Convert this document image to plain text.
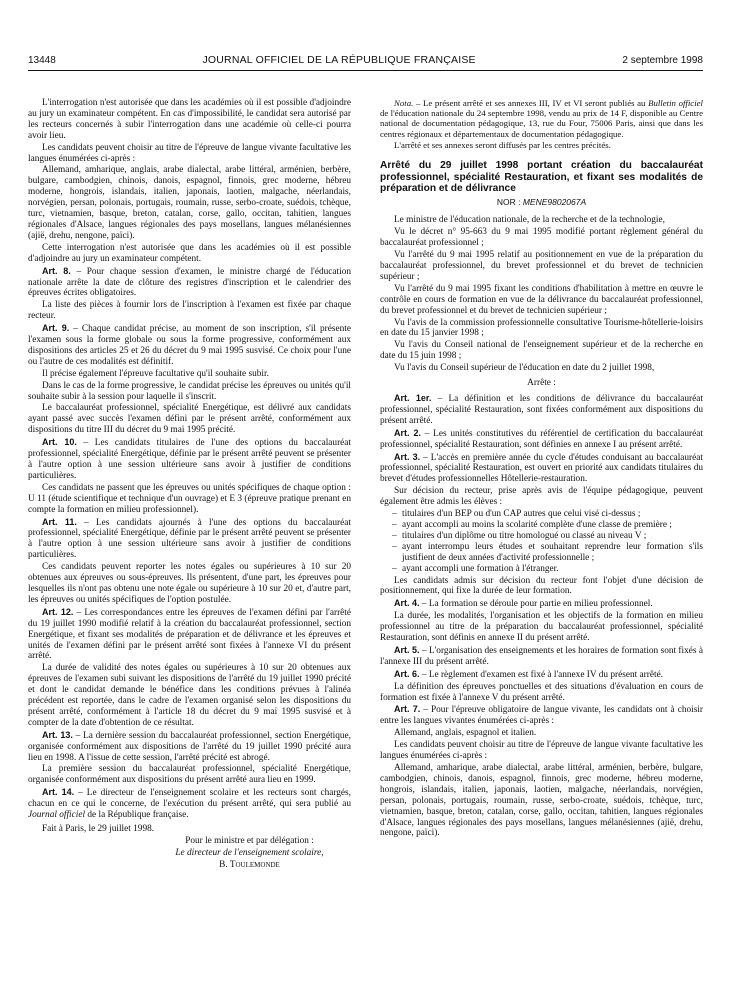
13448	JOURNAL OFFICIEL DE LA RÉPUBLIQUE FRANÇAISE	2 septembre 1998

L'interrogation n'est autorisée que dans les académies où il est possible d'adjoindre au jury un examinateur compétent. En cas d'impossibilité, le candidat sera autorisé par les recteurs concernés à subir l'interrogation dans une académie où celle-ci pourra avoir lieu.

Les candidats peuvent choisir au titre de l'épreuve de langue vivante facultative les langues énumérées ci-après :

Allemand, amharique, anglais, arabe dialectal, arabe littéral, arménien, berbère, bulgare, cambodgien, chinois, danois, espagnol, finnois, grec moderne, hébreu moderne, hongrois, islandais, italien, japonais, laotien, malgache, néerlandais, norvégien, persan, polonais, portugais, roumain, russe, serbo-croate, suédois, tchèque, turc, vietnamien, basque, breton, catalan, corse, gallo, occitan, tahitien, langues régionales d'Alsace, langues régionales des pays mosellans, langues mélanésiennes (ajië, drehu, nengone, païci).

Cette interrogation n'est autorisée que dans les académies où il est possible d'adjoindre au jury un examinateur compétent.

Art. 8. – Pour chaque session d'examen, le ministre chargé de l'éducation nationale arrête la date de clôture des registres d'inscription et le calendrier des épreuves écrites obligatoires.

La liste des pièces à fournir lors de l'inscription à l'examen est fixée par chaque recteur.

Art. 9. – Chaque candidat précise, au moment de son inscription, s'il présente l'examen sous la forme globale ou sous la forme progressive, conformément aux dispositions des articles 25 et 26 du décret du 9 mai 1995 susvisé. Ce choix pour l'une ou l'autre de ces modalités est définitif.

Il précise également l'épreuve facultative qu'il souhaite subir.

Dans le cas de la forme progressive, le candidat précise les épreuves ou unités qu'il souhaite subir à la session pour laquelle il s'inscrit.

Le baccalauréat professionnel, spécialité Energétique, est délivré aux candidats ayant passé avec succès l'examen défini par le présent arrêté, conformément aux dispositions du titre III du décret du 9 mai 1995 précité.

Art. 10. – Les candidats titulaires de l'une des options du baccalauréat professionnel, spécialité Energétique, définie par le présent arrêté peuvent se présenter à l'autre option à une session ultérieure sans avoir à justifier de conditions particulières.

Ces candidats ne passent que les épreuves ou unités spécifiques de chaque option : U 11 (étude scientifique et technique d'un ouvrage) et E 3 (épreuve pratique prenant en compte la formation en milieu professionnel).

Art. 11. – Les candidats ajournés à l'une des options du baccalauréat professionnel, spécialité Energétique, définie par le présent arrêté peuvent se présenter à l'autre option à une session ultérieure sans avoir à justifier de conditions particulières.

Ces candidats peuvent reporter les notes égales ou supérieures à 10 sur 20 obtenues aux épreuves ou sous-épreuves. Ils présentent, d'une part, les épreuves pour lesquelles ils n'ont pas obtenu une note égale ou supérieure à 10 sur 20 et, d'autre part, les épreuves ou unités spécifiques de l'option postulée.

Art. 12. – Les correspondances entre les épreuves de l'examen défini par l'arrêté du 19 juillet 1990 modifié relatif à la création du baccalauréat professionnel, section Energétique, et fixant ses modalités de préparation et de délivrance et les épreuves et unités de l'examen défini par le présent arrêté sont fixées à l'annexe VI du présent arrêté.

La durée de validité des notes égales ou supérieures à 10 sur 20 obtenues aux épreuves de l'examen subi suivant les dispositions de l'arrêté du 19 juillet 1990 précité et dont le candidat demande le bénéfice dans les conditions prévues à l'alinéa précédent est reportée, dans le cadre de l'examen organisé selon les dispositions du présent arrêté, conformément à l'article 18 du décret du 9 mai 1995 susvisé et à compter de la date d'obtention de ce résultat.

Art. 13. – La dernière session du baccalauréat professionnel, section Energétique, organisée conformément aux dispositions de l'arrêté du 19 juillet 1990 précité aura lieu en 1998. A l'issue de cette session, l'arrêté précité est abrogé.

La première session du baccalauréat professionnel, spécialité Energétique, organisée conformément aux dispositions du présent arrêté aura lieu en 1999.

Art. 14. – Le directeur de l'enseignement scolaire et les recteurs sont chargés, chacun en ce qui le concerne, de l'exécution du présent arrêté, qui sera publié au Journal officiel de la République française.

Fait à Paris, le 29 juillet 1998.

Pour le ministre et par délégation :

Le directeur de l'enseignement scolaire,

B. Toulemonde

Nota. – Le présent arrêté et ses annexes III, IV et VI seront publiés au Bulletin officiel de l'éducation nationale du 24 septembre 1998, vendu au prix de 14 F, disponible au Centre national de documentation pédagogique, 13, rue du Four, 75006 Paris, ainsi que dans les centres régionaux et départementaux de documentation pédagogique.

L'arrêté et ses annexes seront diffusés par les centres précités.

Arrêté du 29 juillet 1998 portant création du baccalauréat professionnel, spécialité Restauration, et fixant ses modalités de préparation et de délivrance
NOR : MENE9802067A

Le ministre de l'éducation nationale, de la recherche et de la technologie,

Vu le décret n° 95-663 du 9 mai 1995 modifié portant règlement général du baccalauréat professionnel ;

Vu l'arrêté du 9 mai 1995 relatif au positionnement en vue de la préparation du baccalauréat professionnel, du brevet professionnel et du brevet de technicien supérieur ;

Vu l'arrêté du 9 mai 1995 fixant les conditions d'habilitation à mettre en œuvre le contrôle en cours de formation en vue de la délivrance du baccalauréat professionnel, du brevet professionnel et du brevet de technicien supérieur ;

Vu l'avis de la commission professionnelle consultative Tourisme-hôtellerie-loisirs en date du 15 janvier 1998 ;

Vu l'avis du Conseil national de l'enseignement supérieur et de la recherche en date du 15 juin 1998 ;

Vu l'avis du Conseil supérieur de l'éducation en date du 2 juillet 1998,

Arrête :

Art. 1er. – La définition et les conditions de délivrance du baccalauréat professionnel, spécialité Restauration, sont fixées conformément aux dispositions du présent arrêté.

Art. 2. – Les unités constitutives du référentiel de certification du baccalauréat professionnel, spécialité Restauration, sont définies en annexe I au présent arrêté.

Art. 3. – L'accès en première année du cycle d'études conduisant au baccalauréat professionnel, spécialité Restauration, est ouvert en priorité aux candidats titulaires du brevet d'études professionnelles Hôtellerie-restauration.

Sur décision du recteur, prise après avis de l'équipe pédagogique, peuvent également être admis les élèves :

– titulaires d'un BEP ou d'un CAP autres que celui visé ci-dessus ;
– ayant accompli au moins la scolarité complète d'une classe de première ;
– titulaires d'un diplôme ou titre homologué ou classé au niveau V ;
– ayant interrompu leurs études et souhaitant reprendre leur formation s'ils justifient de deux années d'activité professionnelle ;
– ayant accompli une formation à l'étranger.

Les candidats admis sur décision du recteur font l'objet d'une décision de positionnement, qui fixe la durée de leur formation.

Art. 4. – La formation se déroule pour partie en milieu professionnel.

La durée, les modalités, l'organisation et les objectifs de la formation en milieu professionnel au titre de la préparation du baccalauréat professionnel, spécialité Restauration, sont définis en annexe II du présent arrêté.

Art. 5. – L'organisation des enseignements et les horaires de formation sont fixés à l'annexe III du présent arrêté.

Art. 6. – Le règlement d'examen est fixé à l'annexe IV du présent arrêté.

La définition des épreuves ponctuelles et des situations d'évaluation en cours de formation est fixée à l'annexe V du présent arrêté.

Art. 7. – Pour l'épreuve obligatoire de langue vivante, les candidats ont à choisir entre les langues vivantes énumérées ci-après :

Allemand, anglais, espagnol et italien.

Les candidats peuvent choisir au titre de l'épreuve de langue vivante facultative les langues énumérées ci-après :

Allemand, amharique, arabe dialectal, arabe littéral, arménien, berbère, bulgare, cambodgien, chinois, danois, espagnol, finnois, grec moderne, hébreu moderne, hongrois, islandais, italien, japonais, laotien, malgache, néerlandais, norvégien, persan, polonais, portugais, roumain, russe, serbo-croate, suédois, tchèque, turc, vietnamien, basque, breton, catalan, corse, gallo, occitan, tahitien, langues régionales d'Alsace, langues régionales des pays mosellans, langues mélanésiennes (ajië, drehu, nengone, païci).
